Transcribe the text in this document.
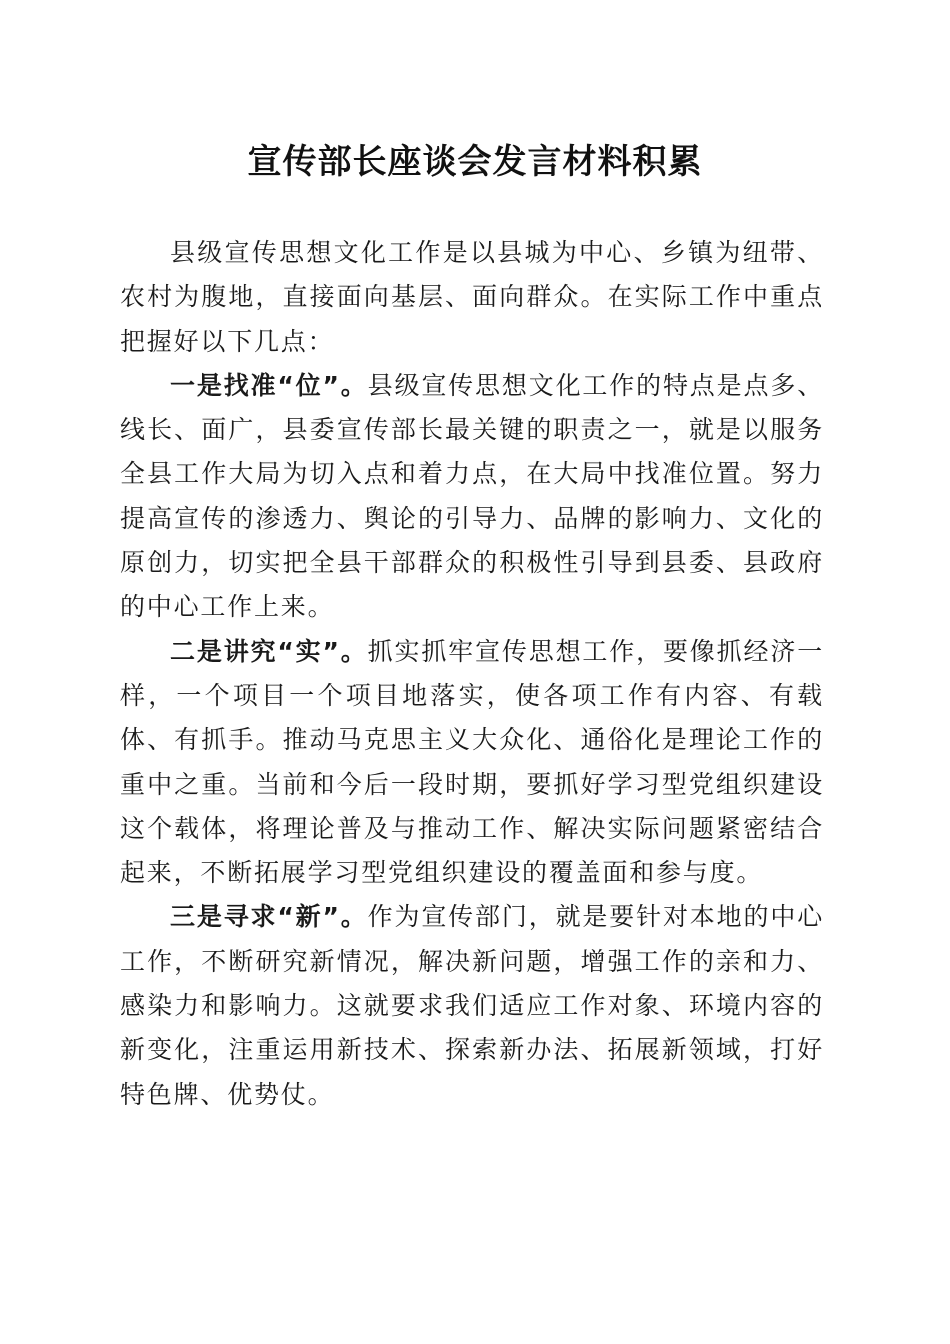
宣传部长座谈会发言材料积累

县级宣传思想文化工作是以县城为中心、乡镇为纽带、农村为腹地，直接面向基层、面向群众。在实际工作中重点把握好以下几点：

一是找准“位”。县级宣传思想文化工作的特点是点多、线长、面广，县委宣传部长最关键的职责之一，就是以服务全县工作大局为切入点和着力点，在大局中找准位置。努力提高宣传的渗透力、舆论的引导力、品牌的影响力、文化的原创力，切实把全县干部群众的积极性引导到县委、县政府的中心工作上来。

二是讲究“实”。抓实抓牢宣传思想工作，要像抓经济一样，一个项目一个项目地落实，使各项工作有内容、有载体、有抓手。推动马克思主义大众化、通俗化是理论工作的重中之重。当前和今后一段时期，要抓好学习型党组织建设这个载体，将理论普及与推动工作、解决实际问题紧密结合起来，不断拓展学习型党组织建设的覆盖面和参与度。

三是寻求“新”。作为宣传部门，就是要针对本地的中心工作，不断研究新情况，解决新问题，增强工作的亲和力、感染力和影响力。这就要求我们适应工作对象、环境内容的新变化，注重运用新技术、探索新办法、拓展新领域，打好特色牌、优势仗。
